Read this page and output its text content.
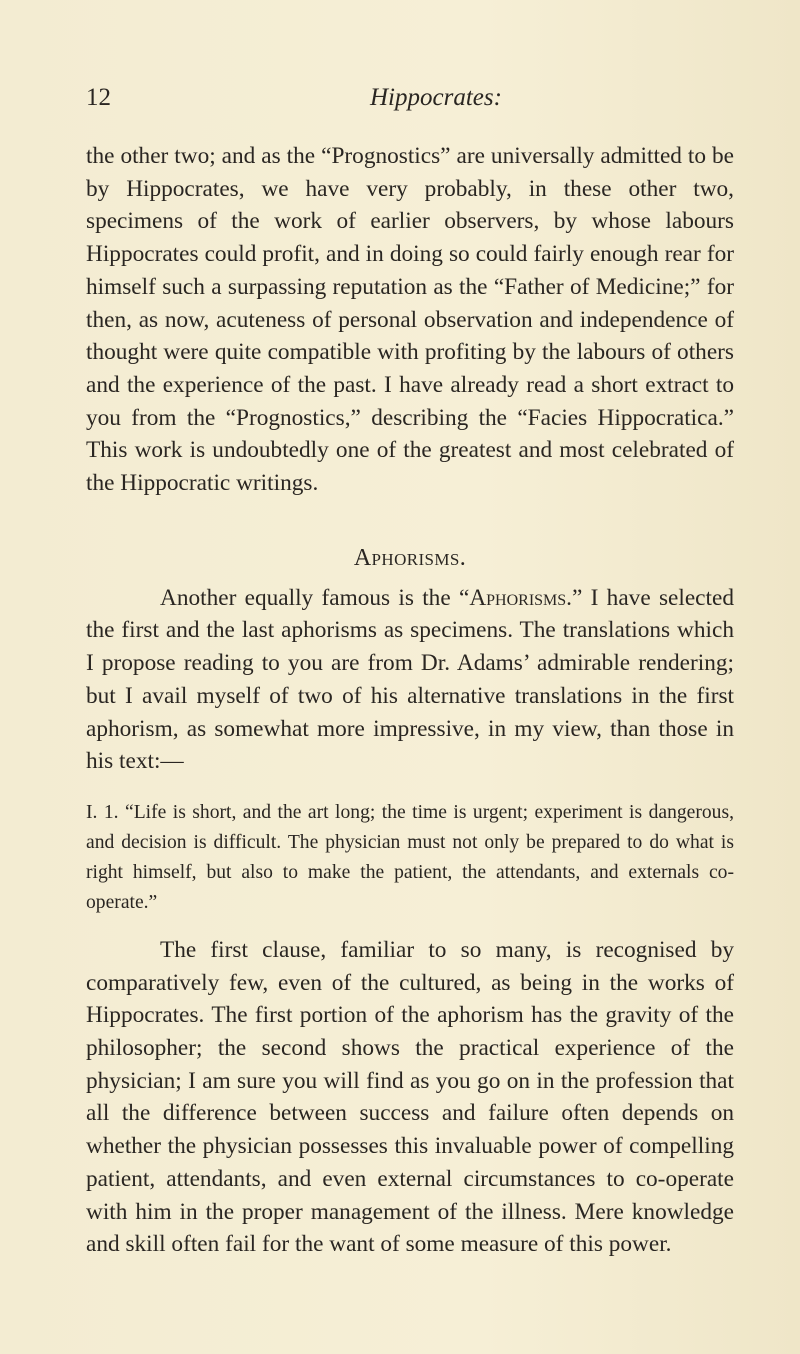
12	Hippocrates:

the other two; and as the “Prognostics” are universally admitted to be by Hippocrates, we have very probably, in these other two, specimens of the work of earlier observers, by whose labours Hippocrates could profit, and in doing so could fairly enough rear for himself such a surpassing reputation as the “Father of Medicine;” for then, as now, acuteness of personal observation and independence of thought were quite compatible with profiting by the labours of others and the experience of the past. I have already read a short extract to you from the “Prognostics,” describing the “Facies Hippocratica.” This work is undoubtedly one of the greatest and most celebrated of the Hippocratic writings.

Aphorisms.

Another equally famous is the “Aphorisms.” I have selected the first and the last aphorisms as specimens. The translations which I propose reading to you are from Dr. Adams’ admirable rendering; but I avail myself of two of his alternative translations in the first aphorism, as somewhat more impressive, in my view, than those in his text:—

I. 1. “Life is short, and the art long; the time is urgent; experiment is dangerous, and decision is difficult. The physician must not only be prepared to do what is right himself, but also to make the patient, the attendants, and externals co-operate.”

The first clause, familiar to so many, is recognised by comparatively few, even of the cultured, as being in the works of Hippocrates. The first portion of the aphorism has the gravity of the philosopher; the second shows the practical experience of the physician; I am sure you will find as you go on in the profession that all the difference between success and failure often depends on whether the physician possesses this invaluable power of compelling patient, attendants, and even external circumstances to co-operate with him in the proper management of the illness. Mere knowledge and skill often fail for the want of some measure of this power.
